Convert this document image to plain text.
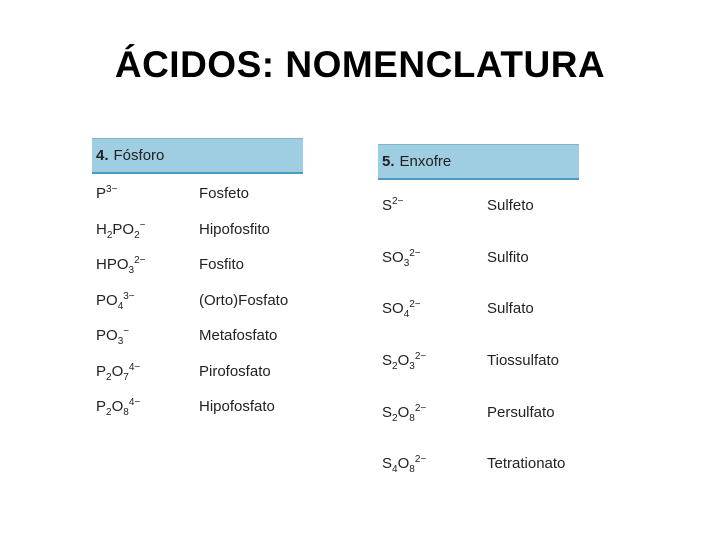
ÁCIDOS: NOMENCLATURA
4. Fósforo
$P^{3-}$	Fosfeto
$H_2PO_2^-$	Hipofosfito
$HPO_3^{2-}$	Fosfito
$PO_4^{3-}$	(Orto)Fosfato
$PO_3^-$	Metafosfato
$P_2O_7^{4-}$	Pirofosfato
$P_2O_8^{4-}$	Hipofosfato
5. Enxofre
$S^{2-}$	Sulfeto
$SO_3^{2-}$	Sulfito
$SO_4^{2-}$	Sulfato
$S_2O_3^{2-}$	Tiossulfato
$S_2O_8^{2-}$	Persulfato
$S_4O_8^{2-}$	Tetrationato
